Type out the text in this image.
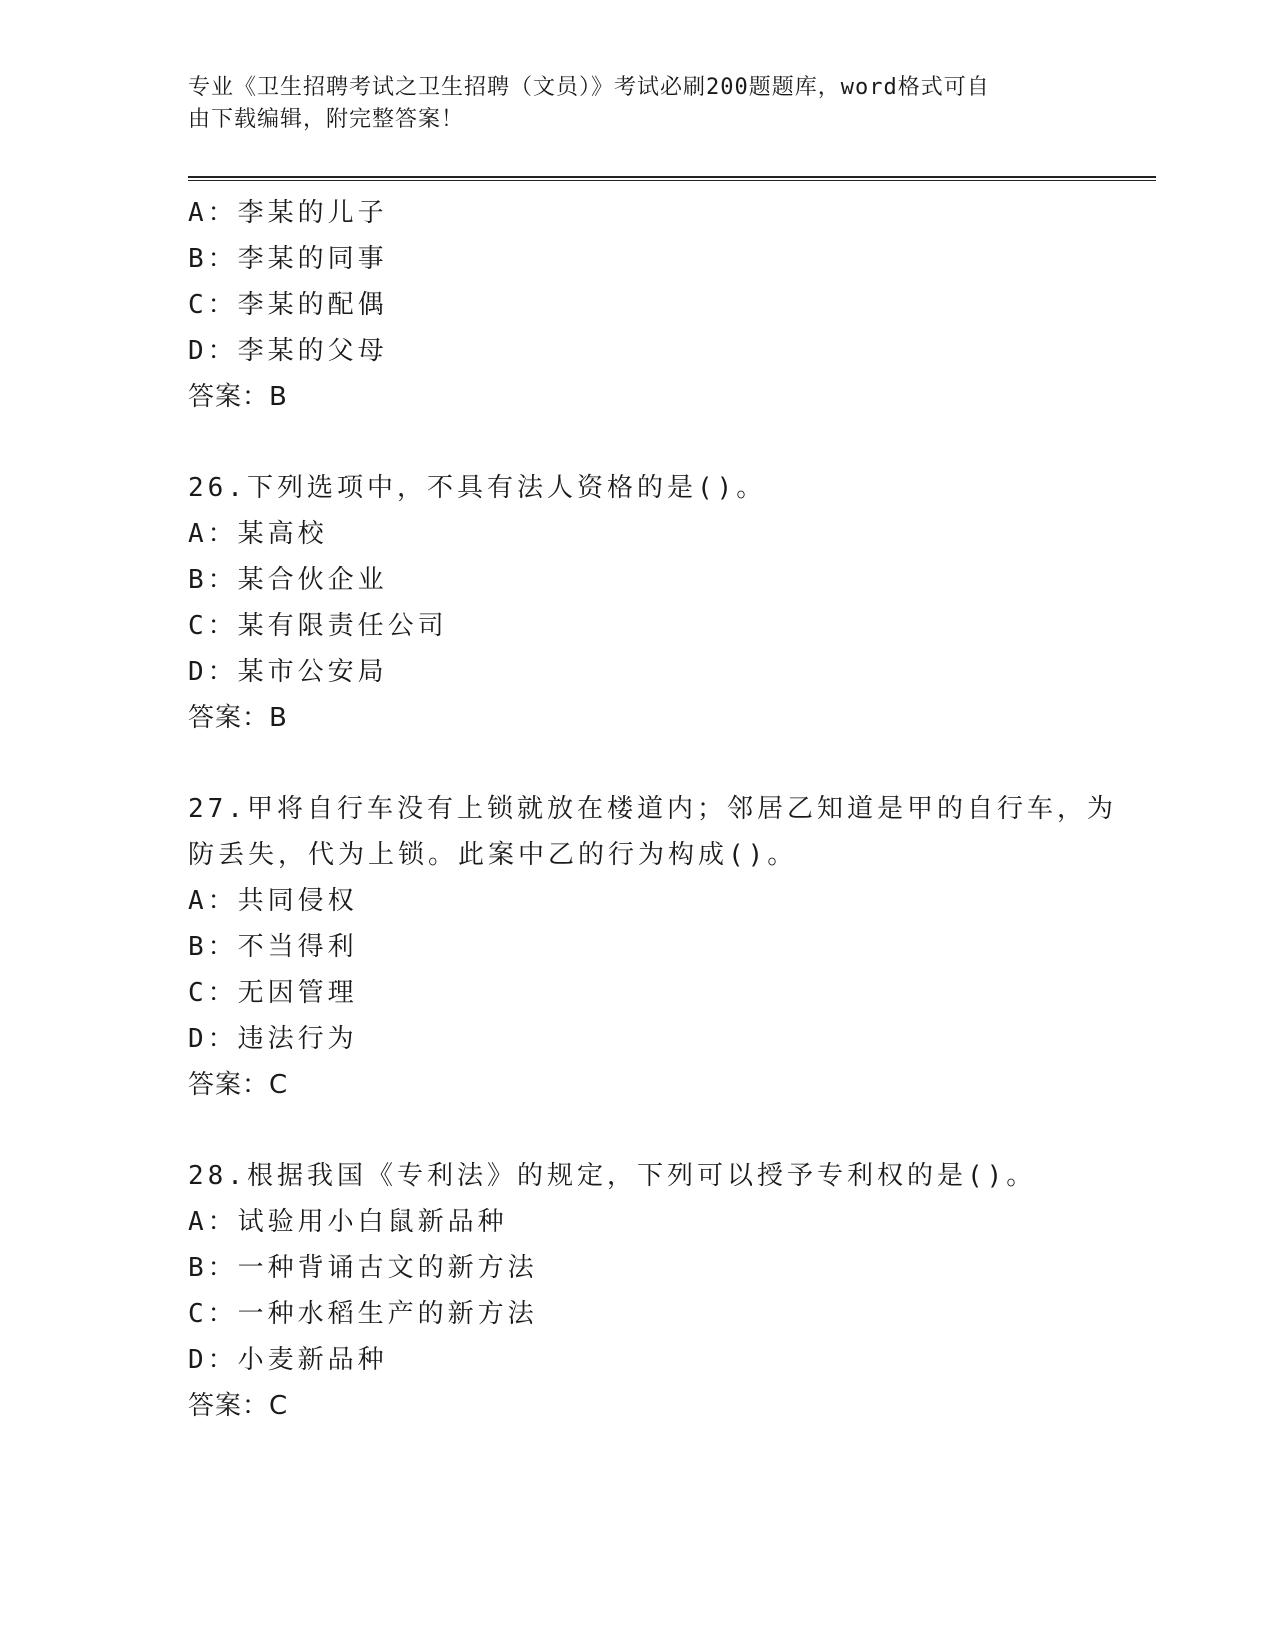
专业《卫生招聘考试之卫生招聘（文员）》考试必刷200题题库，word格式可自
由下载编辑，附完整答案！
A：李某的儿子
B：李某的同事
C：李某的配偶
D：李某的父母
答案：B
26.下列选项中，不具有法人资格的是()。
A：某高校
B：某合伙企业
C：某有限责任公司
D：某市公安局
答案：B
27.甲将自行车没有上锁就放在楼道内；邻居乙知道是甲的自行车，为
防丢失，代为上锁。此案中乙的行为构成()。
A：共同侵权
B：不当得利
C：无因管理
D：违法行为
答案：C
28.根据我国《专利法》的规定，下列可以授予专利权的是()。
A：试验用小白鼠新品种
B：一种背诵古文的新方法
C：一种水稻生产的新方法
D：小麦新品种
答案：C
